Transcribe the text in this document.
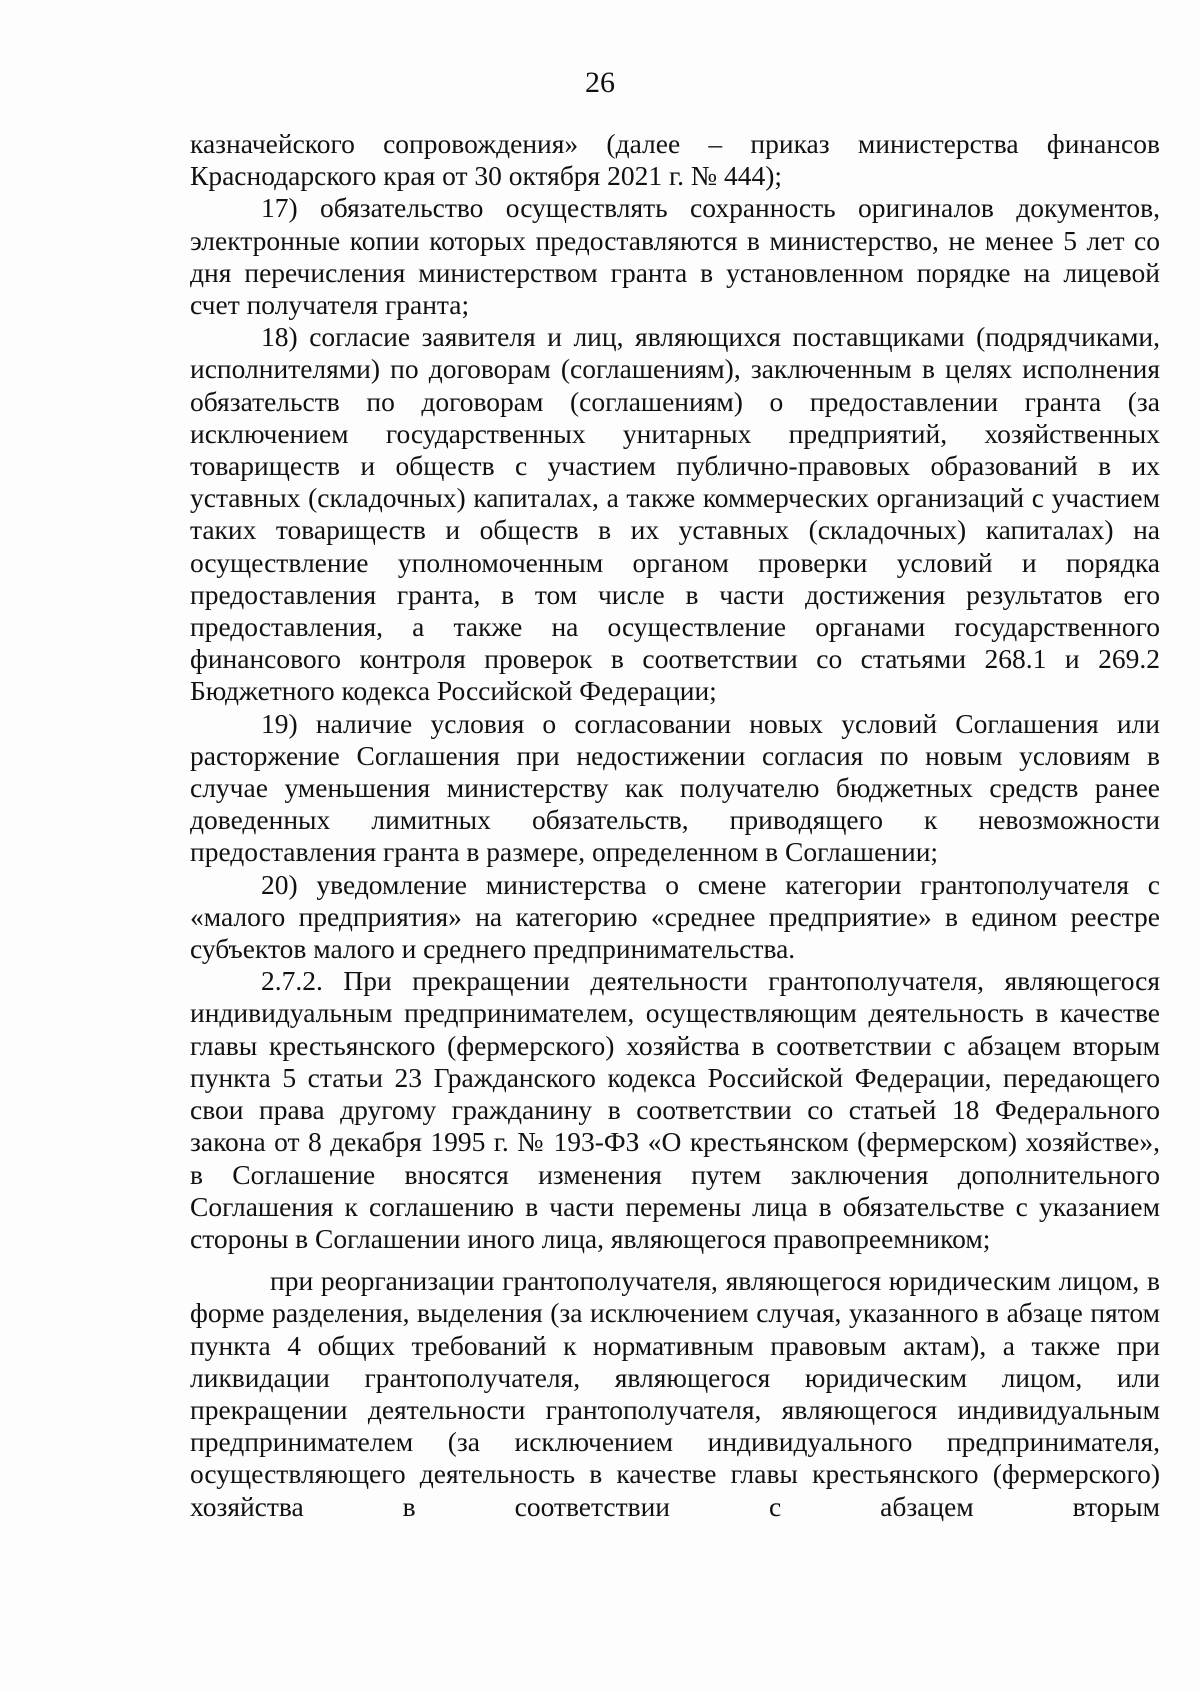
26

казначейского сопровождения» (далее – приказ министерства финансов Краснодарского края от 30 октября 2021 г. № 444);

17) обязательство осуществлять сохранность оригиналов документов, электронные копии которых предоставляются в министерство, не менее 5 лет со дня перечисления министерством гранта в установленном порядке на лицевой счет получателя гранта;

18) согласие заявителя и лиц, являющихся поставщиками (подрядчиками, исполнителями) по договорам (соглашениям), заключенным в целях исполнения обязательств по договорам (соглашениям) о предоставлении гранта (за исключением государственных унитарных предприятий, хозяйственных товариществ и обществ с участием публично-правовых образований в их уставных (складочных) капиталах, а также коммерческих организаций с участием таких товариществ и обществ в их уставных (складочных) капиталах) на осуществление уполномоченным органом проверки условий и порядка предоставления гранта, в том числе в части достижения результатов его предоставления, а также на осуществление органами государственного финансового контроля проверок в соответствии со статьями 268.1 и 269.2 Бюджетного кодекса Российской Федерации;

19) наличие условия о согласовании новых условий Соглашения или расторжение Соглашения при недостижении согласия по новым условиям в случае уменьшения министерству как получателю бюджетных средств ранее доведенных лимитных обязательств, приводящего к невозможности предоставления гранта в размере, определенном в Соглашении;

20) уведомление министерства о смене категории грантополучателя с «малого предприятия» на категорию «среднее предприятие» в едином реестре субъектов малого и среднего предпринимательства.

2.7.2. При прекращении деятельности грантополучателя, являющегося индивидуальным предпринимателем, осуществляющим деятельность в качестве главы крестьянского (фермерского) хозяйства в соответствии с абзацем вторым пункта 5 статьи 23 Гражданского кодекса Российской Федерации, передающего свои права другому гражданину в соответствии со статьей 18 Федерального закона от 8 декабря 1995 г. № 193-ФЗ «О крестьянском (фермерском) хозяйстве», в Соглашение вносятся изменения путем заключения дополнительного Соглашения к соглашению в части перемены лица в обязательстве с указанием стороны в Соглашении иного лица, являющегося правопреемником;

при реорганизации грантополучателя, являющегося юридическим лицом, в форме разделения, выделения (за исключением случая, указанного в абзаце пятом пункта 4 общих требований к нормативным правовым актам), а также при ликвидации грантополучателя, являющегося юридическим лицом, или прекращении деятельности грантополучателя, являющегося индивидуальным предпринимателем (за исключением индивидуального предпринимателя, осуществляющего деятельность в качестве главы крестьянского (фермерского) хозяйства в соответствии с абзацем вторым
